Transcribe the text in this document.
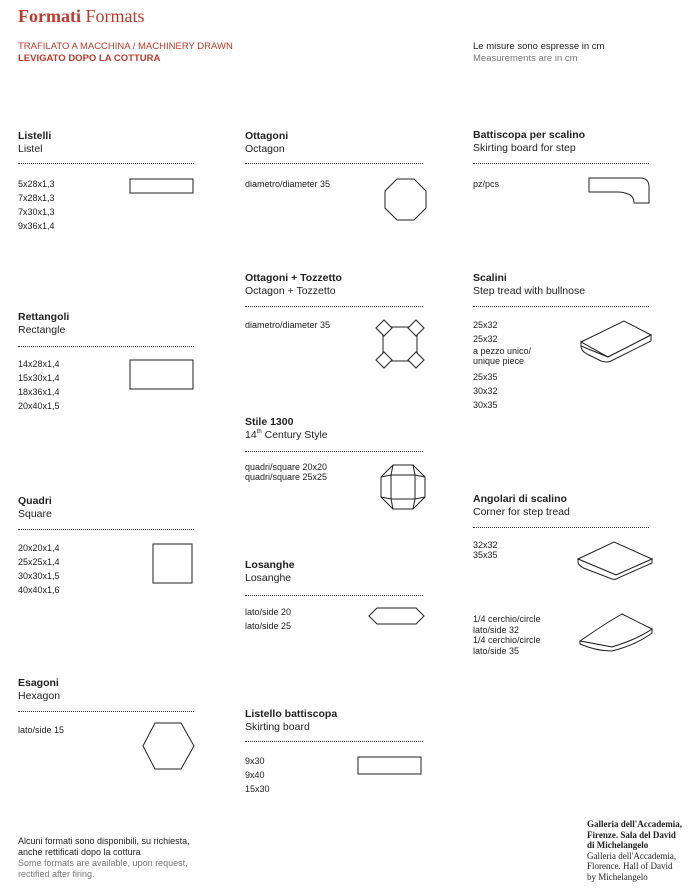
Formati Formats
TRAFILATO A MACCHINA / MACHINERY DRAWN
LEVIGATO DOPO LA COTTURA
Le misure sono espresse in cm
Measurements are in cm
Listelli
Listel
5x28x1,3
7x28x1,3
7x30x1,3
9x36x1,4
Rettangoli
Rectangle
14x28x1,4
15x30x1,4
18x36x1,4
20x40x1,5
Quadri
Square
20x20x1,4
25x25x1,4
30x30x1,5
40x40x1,6
Esagoni
Hexagon
lato/side 15
Alcuni formati sono disponibili, su richiesta,
anche rettificati dopo la cottura
Some formats are available, upon request,
rectified after firing.
Ottagoni
Octagon
diametro/diameter 35
Ottagoni + Tozzetto
Octagon + Tozzetto
diametro/diameter 35
Stile 1300
14th Century Style
quadri/square 20x20
quadri/square 25x25
Losanghe
Losanghe
lato/side 20
lato/side 25
Listello battiscopa
Skirting board
9x30
9x40
15x30
Battiscopa per scalino
Skirting board for step
pz/pcs
Scalini
Step tread with bullnose
25x32
25x32
a pezzo unico/
unique piece
25x35
30x32
30x35
Angolari di scalino
Corner for step tread
32x32
35x35
1/4 cerchio/circle
lato/side 32
1/4 cerchio/circle
lato/side 35
Galleria dell'Accademia,
Firenze. Sala del David
di Michelangelo
Galleria dell'Accademia,
Florence. Hall of David
by Michelangelo
